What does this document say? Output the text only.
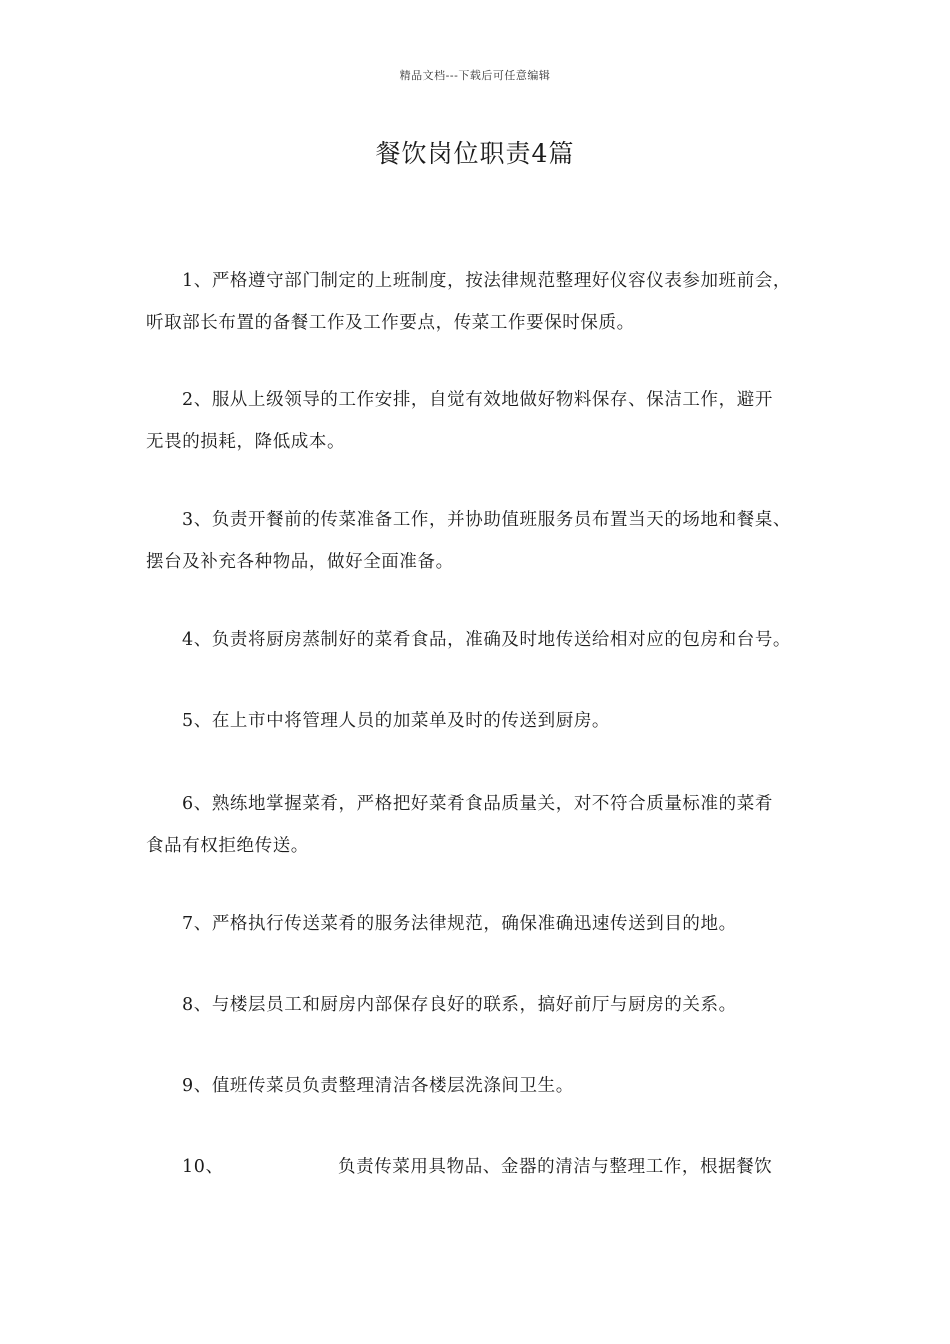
精品文档---下载后可任意编辑
餐饮岗位职责4篇
1、严格遵守部门制定的上班制度，按法律规范整理好仪容仪表参加班前会，
听取部长布置的备餐工作及工作要点，传菜工作要保时保质。
2、服从上级领导的工作安排，自觉有效地做好物料保存、保洁工作，避开
无畏的损耗，降低成本。
3、负责开餐前的传菜准备工作，并协助值班服务员布置当天的场地和餐桌、
摆台及补充各种物品，做好全面准备。
4、负责将厨房蒸制好的菜肴食品，准确及时地传送给相对应的包房和台号。
5、在上市中将管理人员的加菜单及时的传送到厨房。
6、熟练地掌握菜肴，严格把好菜肴食品质量关，对不符合质量标准的菜肴
食品有权拒绝传送。
7、严格执行传送菜肴的服务法律规范，确保准确迅速传送到目的地。
8、与楼层员工和厨房内部保存良好的联系，搞好前厅与厨房的关系。
9、值班传菜员负责整理清洁各楼层洗涤间卫生。
10、	负责传菜用具物品、金器的清洁与整理工作，根据餐饮
